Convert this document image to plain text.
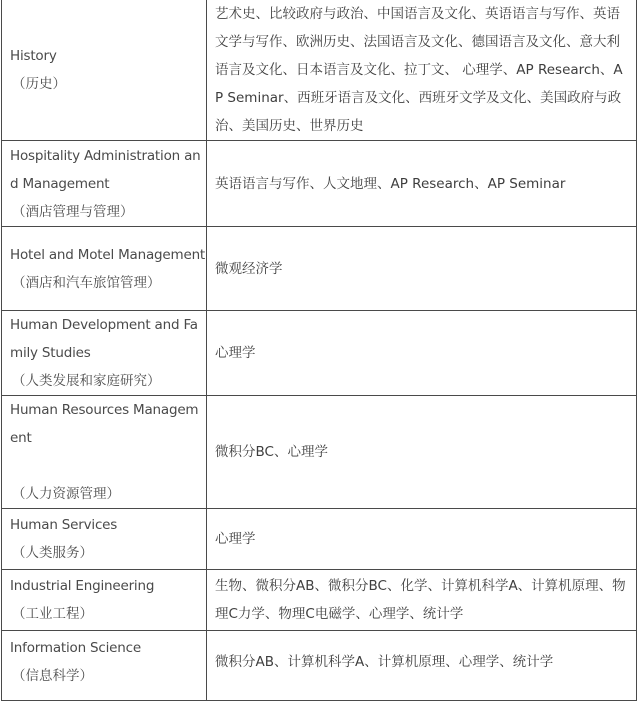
History
（历史）	艺术史、比较政府与政治、中国语言及文化、英语语言与写作、英语文学与写作、欧洲历史、法国语言及文化、德国语言及文化、意大利语言及文化、日本语言及文化、拉丁文、 心理学、AP Research、AP Seminar、西班牙语言及文化、西班牙文学及文化、美国政府与政治、美国历史、世界历史

Hospitality Administration and Management
（酒店管理与管理）	英语语言与写作、人文地理、AP Research、AP Seminar

Hotel and Motel Management
（酒店和汽车旅馆管理）	微观经济学

Human Development and Family Studies
（人类发展和家庭研究）	心理学

Human Resources Management
（人力资源管理）	微积分BC、心理学

Human Services
（人类服务）	心理学

Industrial Engineering
（工业工程）	生物、微积分AB、微积分BC、化学、计算机科学A、计算机原理、物理C力学、物理C电磁学、心理学、统计学

Information Science
（信息科学）	微积分AB、计算机科学A、计算机原理、心理学、统计学
